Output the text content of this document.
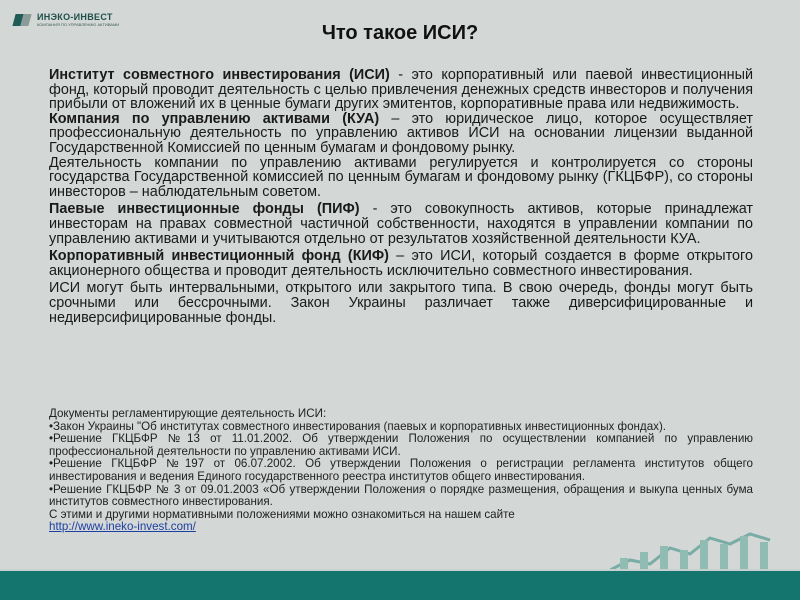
ИНЭКО-ИНВЕСТ
КОМПАНИЯ ПО УПРАВЛЕНИЮ АКТИВАМИ	Что такое ИСИ?

Институт совместного инвестирования (ИСИ) - это корпоративный или паевой инвестиционный фонд, который проводит деятельность с целью привлечения денежных средств инвесторов и получения прибыли от вложений их в ценные бумаги других эмитентов, корпоративные права или недвижимость.

Компания по управлению активами (КУА) – это юридическое лицо, которое осуществляет профессиональную деятельность по управлению активов ИСИ на основании лицензии выданной Государственной Комиссией по ценным бумагам и фондовому рынку.

Деятельность компании по управлению активами регулируется и контролируется со стороны государства Государственной комиссией по ценным бумагам и фондовому рынку (ГКЦБФР), со стороны инвесторов – наблюдательным советом.

Паевые инвестиционные фонды (ПИФ) - это совокупность активов, которые принадлежат инвесторам на правах совместной частичной собственности, находятся в управлении компании по управлению активами и учитываются отдельно от результатов хозяйственной деятельности КУА.

Корпоративный инвестиционный фонд (КИФ) – это ИСИ, который создается в форме открытого акционерного общества и проводит деятельность исключительно совместного инвестирования.

ИСИ могут быть интервальными, открытого или закрытого типа. В свою очередь, фонды могут быть срочными или бессрочными. Закон Украины различает также диверсифицированные и недиверсифицированные фонды.

Документы регламентирующие деятельность ИСИ:

•Закон Украины "Об институтах совместного инвестирования (паевых и корпоративных инвестиционных фондах).

•Решение ГКЦБФР №13 от 11.01.2002. Об утверждении Положения по осуществлении компанией по управлению профессиональной деятельности по управлению активами ИСИ.

•Решение ГКЦБФР №197 от 06.07.2002. Об утверждении Положения о регистрации регламента институтов общего инвестирования и ведения Единого государственного реестра институтов общего инвестирования.

•Решение ГКЦБФР № 3 от 09.01.2003 «Об утверждении Положения о порядке размещения, обращения и выкупа ценных бума институтов совместного инвестирования.

С этими и другими нормативными положениями можно ознакомиться на нашем сайте

http://www.ineko-invest.com/
